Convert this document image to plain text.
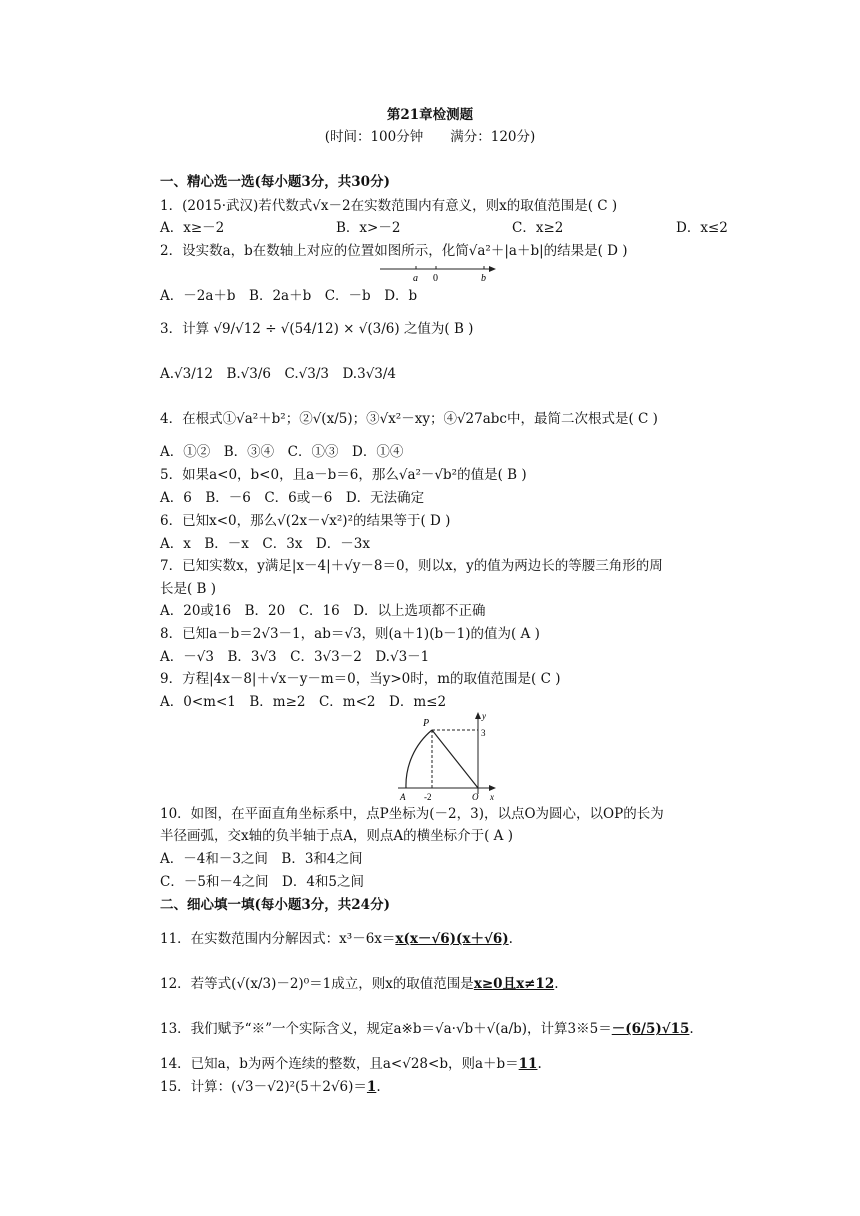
第21章检测题
(时间：100分钟　　满分：120分)
一、精心选一选(每小题3分，共30分)
1．(2015·武汉)若代数式√x－2在实数范围内有意义，则x的取值范围是( C )
A．x≥－2	B．x>－2	C．x≥2	D．x≤2
2．设实数a，b在数轴上对应的位置如图所示，化简√a²＋|a＋b|的结果是( D )
a 0	b
A．－2a＋b　B．2a＋b　C．－b　D．b
3．计算 √9/√12 ÷ √(54/12) × √(3/6) 之值为( B )
A.√3/12　B.√3/6　C.√3/3　D.3√3/4
4．在根式①√a²＋b²；②√(x/5)；③√x²－xy；④√27abc中，最简二次根式是( C )
A．①②　B．③④　C．①③　D．①④
5．如果a<0，b<0，且a－b＝6，那么√a²－√b²的值是( B )
A．6　B．－6　C．6或－6　D．无法确定
6．已知x<0，那么√(2x－√x²)²的结果等于( D )
A．x　B．－x　C．3x　D．－3x
7．已知实数x，y满足|x－4|＋√y－8＝0，则以x，y的值为两边长的等腰三角形的周
长是( B )
A．20或16　B．20　C．16　D．以上选项都不正确
8．已知a－b＝2√3－1，ab＝√3，则(a＋1)(b－1)的值为( A )
A．－√3　B．3√3　C．3√3－2　D.√3－1
9．方程|4x－8|＋√x－y－m＝0，当y>0时，m的取值范围是( C )
A．0<m<1　B．m≥2　C．m<2　D．m≤2
P
y
3
A -2	O x
10．如图，在平面直角坐标系中，点P坐标为(－2，3)，以点O为圆心，以OP的长为
半径画弧，交x轴的负半轴于点A，则点A的横坐标介于( A )
A．－4和－3之间　B．3和4之间
C．－5和－4之间　D．4和5之间
二、细心填一填(每小题3分，共24分)
11．在实数范围内分解因式：x³－6x＝x(x－√6)(x＋√6).
12．若等式(√(x/3)－2)⁰＝1成立，则x的取值范围是x≥0且x≠12.
13．我们赋予“※”一个实际含义，规定a※b＝√a·√b＋√(a/b)，计算3※5＝－(6/5)√15.
14．已知a，b为两个连续的整数，且a<√28<b，则a＋b＝11.
15．计算：(√3－√2)²(5＋2√6)＝1.
